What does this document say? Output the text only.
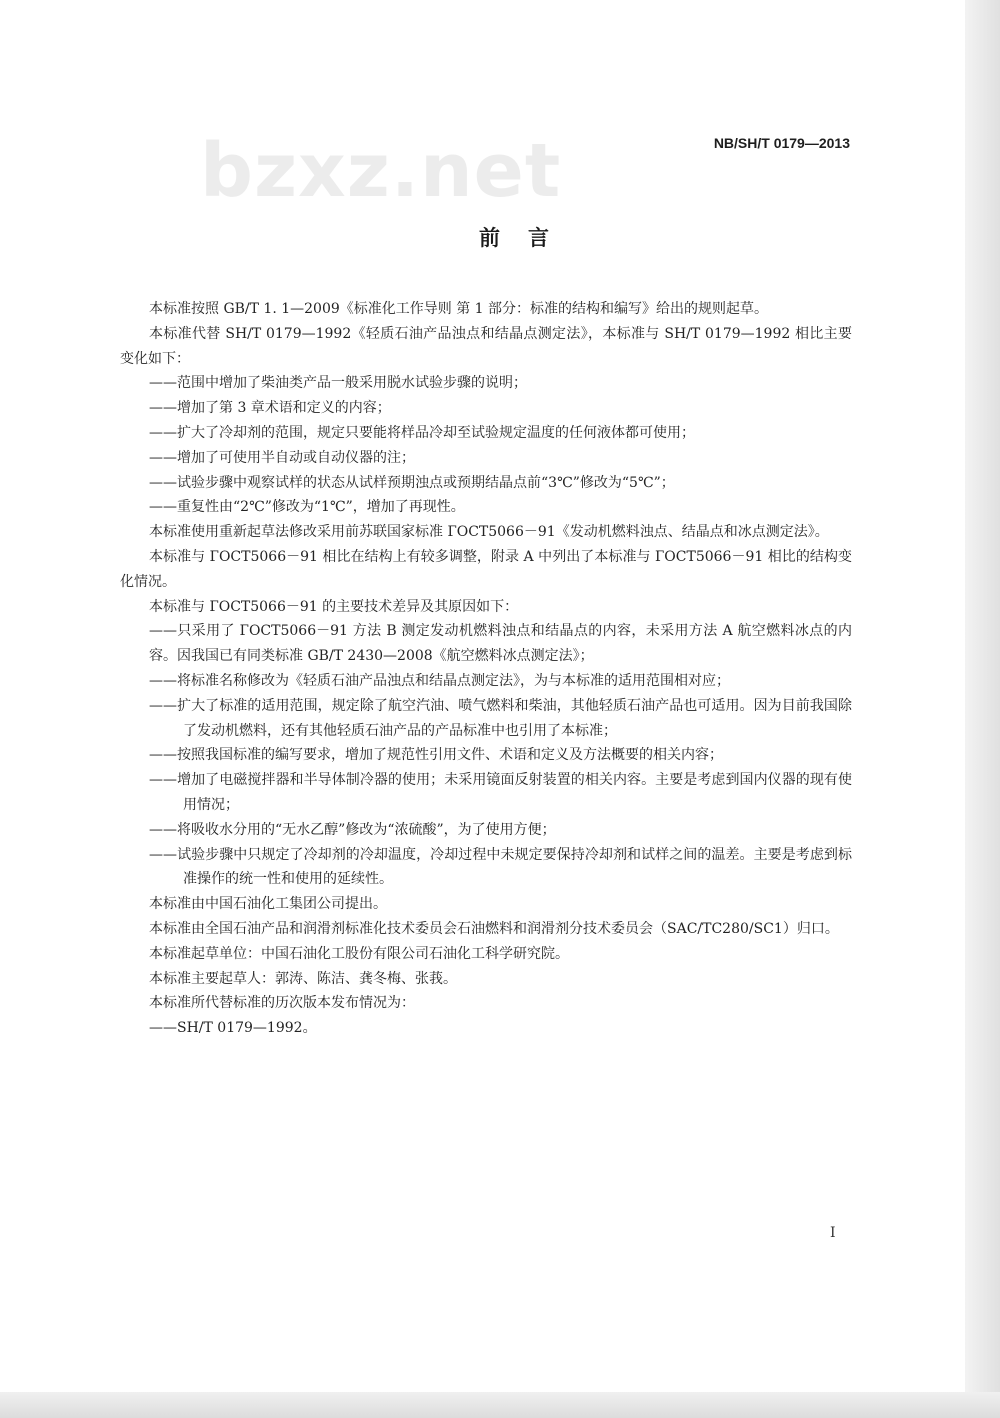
bzxz.net	NB/SH/T 0179—2013
前言

本标准按照 GB/T 1. 1—2009《标准化工作导则 第 1 部分：标准的结构和编写》给出的规则起草。

本标准代替 SH/T 0179—1992《轻质石油产品浊点和结晶点测定法》，本标准与 SH/T 0179—1992 相比主要变化如下：

——范围中增加了柴油类产品一般采用脱水试验步骤的说明；

——增加了第 3 章术语和定义的内容；

——扩大了冷却剂的范围，规定只要能将样品冷却至试验规定温度的任何液体都可使用；

——增加了可使用半自动或自动仪器的注；

——试验步骤中观察试样的状态从试样预期浊点或预期结晶点前“3℃”修改为“5℃”；

——重复性由“2℃”修改为“1℃”，增加了再现性。

本标准使用重新起草法修改采用前苏联国家标准 ГОСТ5066－91《发动机燃料浊点、结晶点和冰点测定法》。

本标准与 ГОСТ5066－91 相比在结构上有较多调整，附录 A 中列出了本标准与 ГОСТ5066－91 相比的结构变化情况。

本标准与 ГОСТ5066－91 的主要技术差异及其原因如下：

——只采用了 ГОСТ5066－91 方法 B 测定发动机燃料浊点和结晶点的内容，未采用方法 A 航空燃料冰点的内容。因我国已有同类标准 GB/T 2430—2008《航空燃料冰点测定法》；

——将标准名称修改为《轻质石油产品浊点和结晶点测定法》，为与本标准的适用范围相对应；

——扩大了标准的适用范围，规定除了航空汽油、喷气燃料和柴油，其他轻质石油产品也可适用。因为目前我国除了发动机燃料，还有其他轻质石油产品的产品标准中也引用了本标准；

——按照我国标准的编写要求，增加了规范性引用文件、术语和定义及方法概要的相关内容；

——增加了电磁搅拌器和半导体制冷器的使用；未采用镜面反射装置的相关内容。主要是考虑到国内仪器的现有使用情况；

——将吸收水分用的“无水乙醇”修改为“浓硫酸”，为了使用方便；

——试验步骤中只规定了冷却剂的冷却温度，冷却过程中未规定要保持冷却剂和试样之间的温差。主要是考虑到标准操作的统一性和使用的延续性。

本标准由中国石油化工集团公司提出。

本标准由全国石油产品和润滑剂标准化技术委员会石油燃料和润滑剂分技术委员会（SAC/TC280/SC1）归口。

本标准起草单位：中国石油化工股份有限公司石油化工科学研究院。

本标准主要起草人：郭涛、陈洁、龚冬梅、张莪。

本标准所代替标准的历次版本发布情况为：

——SH/T 0179—1992。

I
